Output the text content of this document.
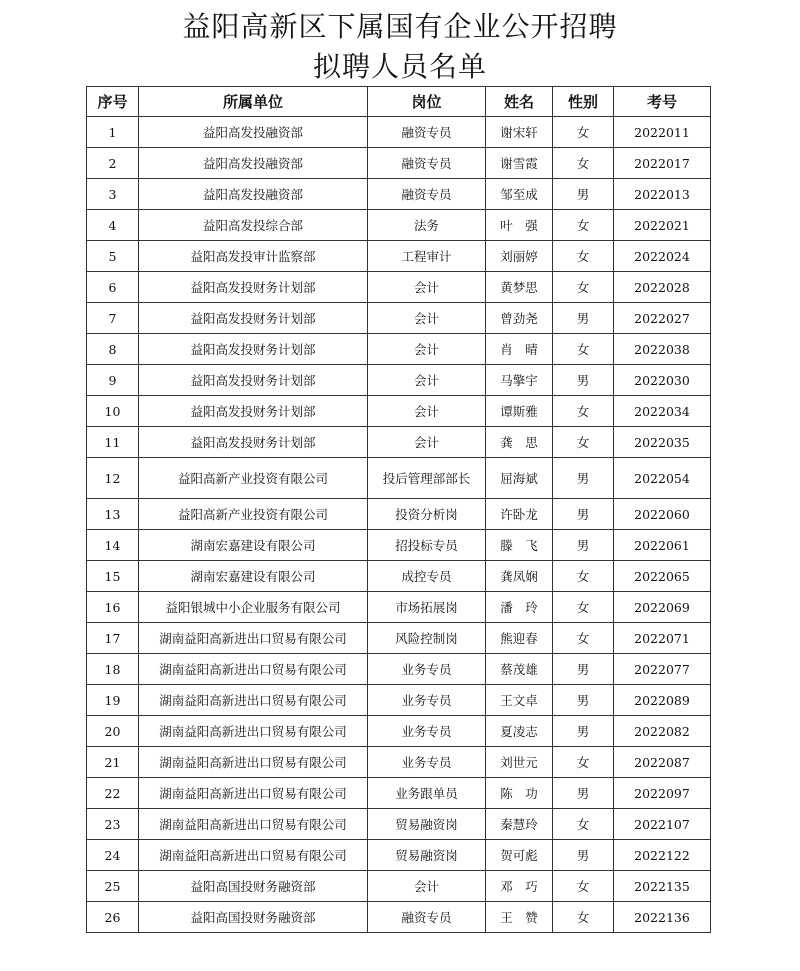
益阳高新区下属国有企业公开招聘
拟聘人员名单
序号	所属单位	岗位	姓名	性别	考号
1	益阳高发投融资部	融资专员	谢宋轩	女	2022011
2	益阳高发投融资部	融资专员	谢雪霞	女	2022017
3	益阳高发投融资部	融资专员	邹至成	男	2022013
4	益阳高发投综合部	法务	叶　强	女	2022021
5	益阳高发投审计监察部	工程审计	刘丽婷	女	2022024
6	益阳高发投财务计划部	会计	黄梦思	女	2022028
7	益阳高发投财务计划部	会计	曾劲尧	男	2022027
8	益阳高发投财务计划部	会计	肖　晴	女	2022038
9	益阳高发投财务计划部	会计	马擎宇	男	2022030
10	益阳高发投财务计划部	会计	谭斯雅	女	2022034
11	益阳高发投财务计划部	会计	龚　思	女	2022035
12	益阳高新产业投资有限公司	投后管理部部长	屈海斌	男	2022054
13	益阳高新产业投资有限公司	投资分析岗	许卧龙	男	2022060
14	湖南宏嘉建设有限公司	招投标专员	滕　飞	男	2022061
15	湖南宏嘉建设有限公司	成控专员	龚凤娴	女	2022065
16	益阳银城中小企业服务有限公司	市场拓展岗	潘　玲	女	2022069
17	湖南益阳高新进出口贸易有限公司	风险控制岗	熊迎春	女	2022071
18	湖南益阳高新进出口贸易有限公司	业务专员	蔡茂雄	男	2022077
19	湖南益阳高新进出口贸易有限公司	业务专员	王文卓	男	2022089
20	湖南益阳高新进出口贸易有限公司	业务专员	夏凌志	男	2022082
21	湖南益阳高新进出口贸易有限公司	业务专员	刘世元	女	2022087
22	湖南益阳高新进出口贸易有限公司	业务跟单员	陈　功	男	2022097
23	湖南益阳高新进出口贸易有限公司	贸易融资岗	秦慧玲	女	2022107
24	湖南益阳高新进出口贸易有限公司	贸易融资岗	贺可彪	男	2022122
25	益阳高国投财务融资部	会计	邓　巧	女	2022135
26	益阳高国投财务融资部	融资专员	王　赞	女	2022136
